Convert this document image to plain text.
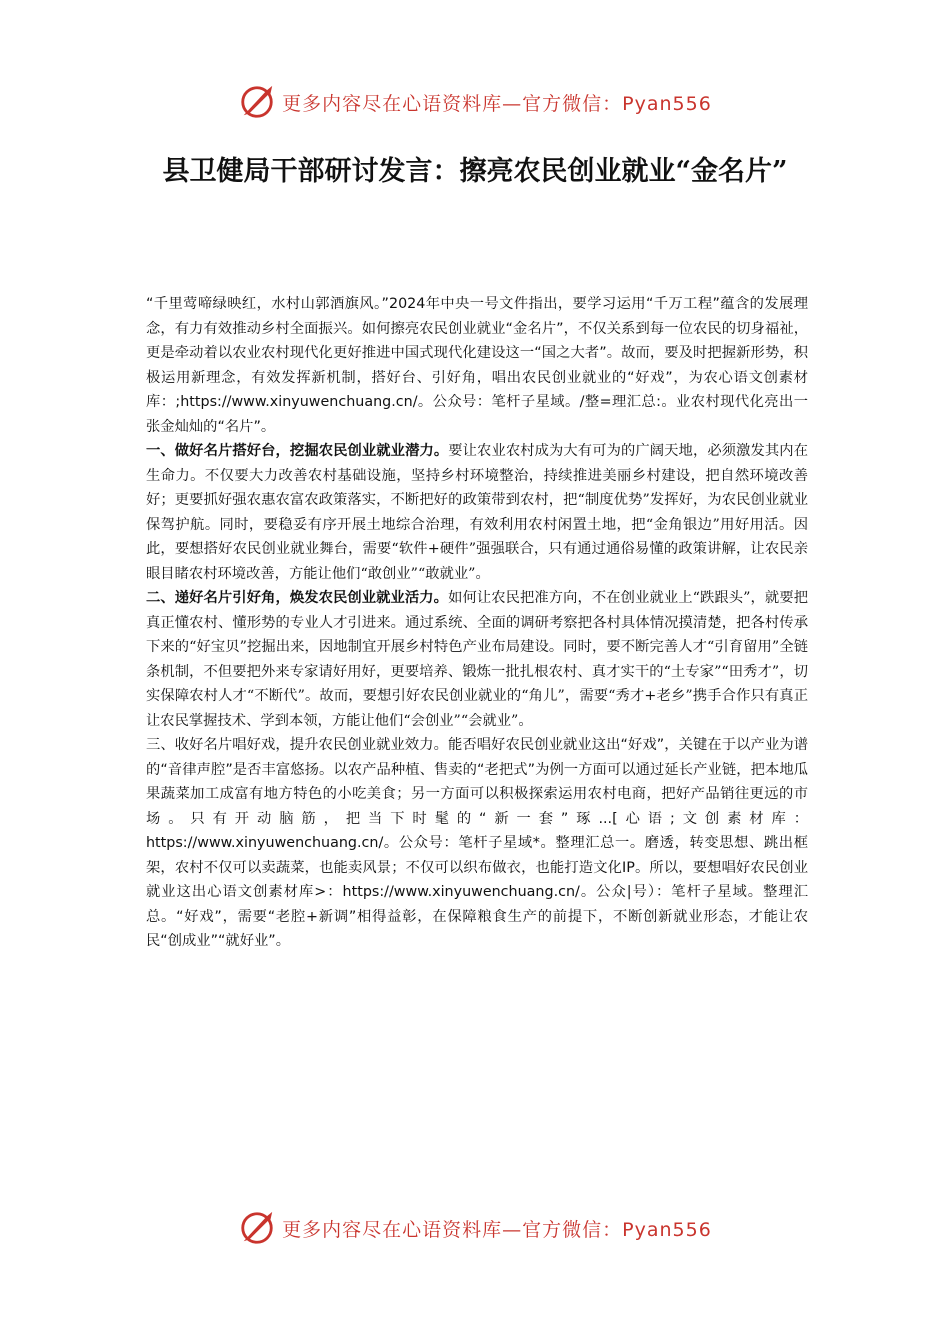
更多内容尽在心语资料库—官方微信：Pyan556
县卫健局干部研讨发言：擦亮农民创业就业“金名片”

“千里莺啼绿映红，水村山郭酒旗风。”2024年中央一号文件指出，要学习运用“千万工程”蕴含的发展理念，有力有效推动乡村全面振兴。如何擦亮农民创业就业“金名片”，不仅关系到每一位农民的切身福祉，更是牵动着以农业农村现代化更好推进中国式现代化建设这一“国之大者”。故而，要及时把握新形势，积极运用新理念，有效发挥新机制，搭好台、引好角，唱出农民创业就业的“好戏”，为农心语文创素材库：;https://www.xinyuwenchuang.cn/。公众号：笔杆子星域。/整=理汇总:。业农村现代化亮出一张金灿灿的“名片”。

一、做好名片搭好台，挖掘农民创业就业潜力。要让农业农村成为大有可为的广阔天地，必须激发其内在生命力。不仅要大力改善农村基础设施，坚持乡村环境整治，持续推进美丽乡村建设，把自然环境改善好；更要抓好强农惠农富农政策落实，不断把好的政策带到农村，把“制度优势”发挥好，为农民创业就业保驾护航。同时，要稳妥有序开展土地综合治理，有效利用农村闲置土地，把“金角银边”用好用活。因此，要想搭好农民创业就业舞台，需要“软件+硬件”强强联合，只有通过通俗易懂的政策讲解，让农民亲眼目睹农村环境改善，方能让他们“敢创业”“敢就业”。

二、递好名片引好角，焕发农民创业就业活力。如何让农民把准方向，不在创业就业上“跌跟头”，就要把真正懂农村、懂形势的专业人才引进来。通过系统、全面的调研考察把各村具体情况摸清楚，把各村传承下来的“好宝贝”挖掘出来，因地制宜开展乡村特色产业布局建设。同时，要不断完善人才“引育留用”全链条机制，不但要把外来专家请好用好，更要培养、锻炼一批扎根农村、真才实干的“土专家”“田秀才”，切实保障农村人才“不断代”。故而，要想引好农民创业就业的“角儿”，需要“秀才+老乡”携手合作只有真正让农民掌握技术、学到本领，方能让他们“会创业”“会就业”。

三、收好名片唱好戏，提升农民创业就业效力。能否唱好农民创业就业这出“好戏”，关键在于以产业为谱的“音律声腔”是否丰富悠扬。以农产品种植、售卖的“老把式”为例一方面可以通过延长产业链，把本地瓜果蔬菜加工成富有地方特色的小吃美食；另一方面可以积极探索运用农村电商，把好产品销往更远的市场。只有开动脑筋，把当下时髦的“新一套”琢...[心语;文创素材库：https://www.xinyuwenchuang.cn/。公众号：笔杆子星域*。整理汇总一。磨透，转变思想、跳出框架，农村不仅可以卖蔬菜，也能卖风景；不仅可以织布做衣，也能打造文化IP。所以，要想唱好农民创业就业这出心语文创素材库>：https://www.xinyuwenchuang.cn/。公众|号）：笔杆子星域。整理汇总。“好戏”，需要“老腔+新调”相得益彰，在保障粮食生产的前提下，不断创新就业形态，才能让农民“创成业”“就好业”。

更多内容尽在心语资料库—官方微信：Pyan556
